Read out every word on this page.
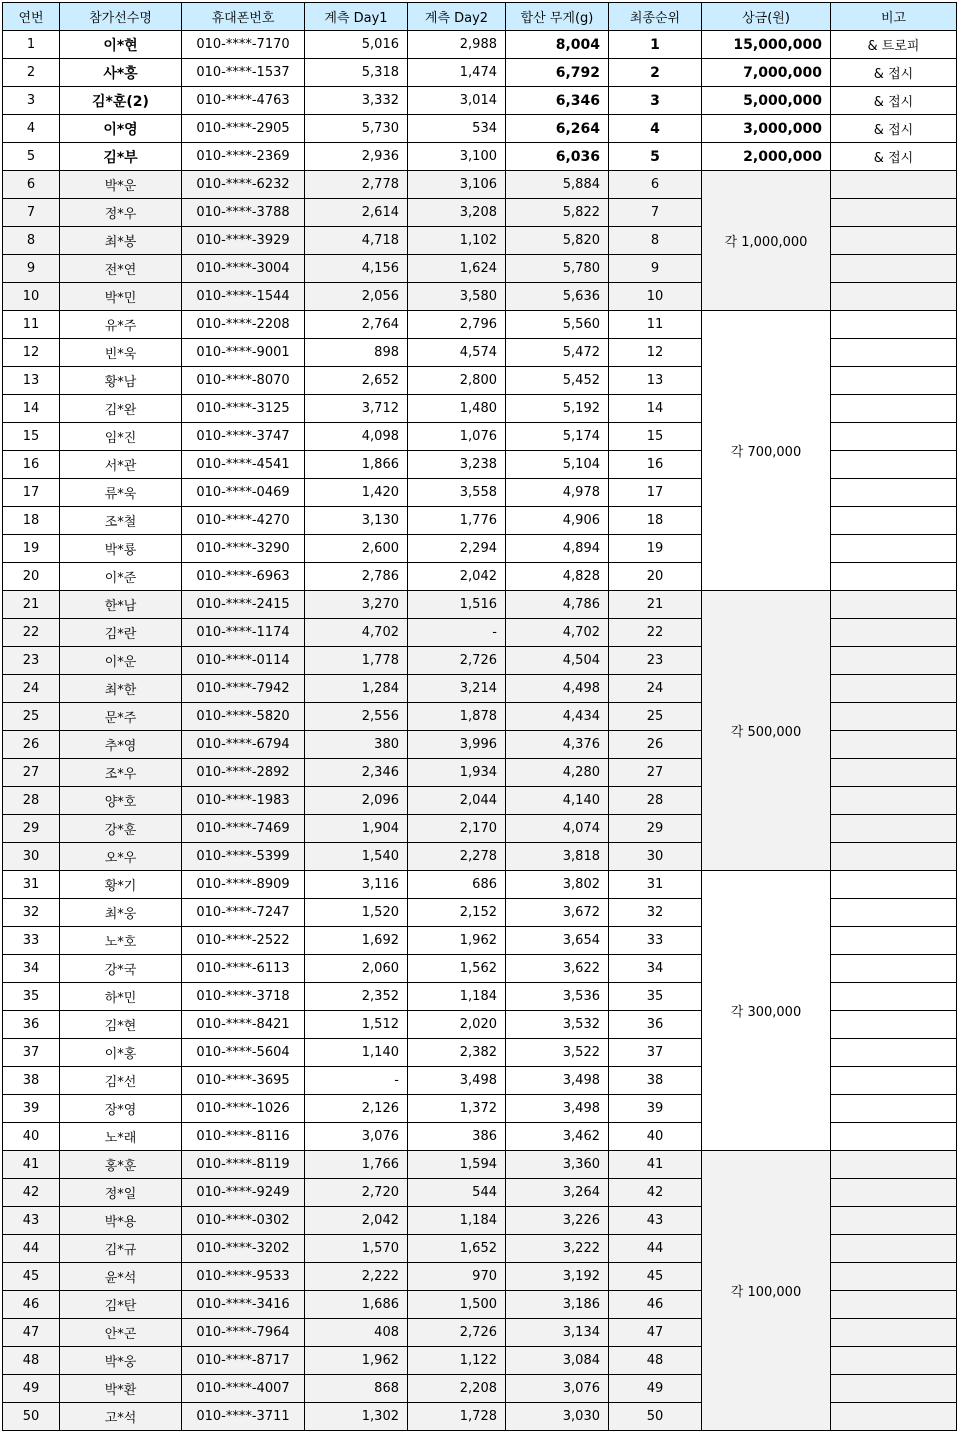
연번	참가선수명	휴대폰번호	계측 Day1	계측 Day2	합산 무게(g)	최종순위	상금(원)	비고
1	이*현	010-****-7170	5,016	2,988	8,004	1	15,000,000	& 트로피
2	사*홍	010-****-1537	5,318	1,474	6,792	2	7,000,000	& 접시
3	김*훈(2)	010-****-4763	3,332	3,014	6,346	3	5,000,000	& 접시
4	이*영	010-****-2905	5,730	534	6,264	4	3,000,000	& 접시
5	김*부	010-****-2369	2,936	3,100	6,036	5	2,000,000	& 접시
6	박*운	010-****-6232	2,778	3,106	5,884	6	각 1,000,000	
7	정*우	010-****-3788	2,614	3,208	5,822	7		
8	최*봉	010-****-3929	4,718	1,102	5,820	8		
9	전*연	010-****-3004	4,156	1,624	5,780	9		
10	박*민	010-****-1544	2,056	3,580	5,636	10		
11	유*주	010-****-2208	2,764	2,796	5,560	11	각 700,000	
12	빈*욱	010-****-9001	898	4,574	5,472	12		
13	황*남	010-****-8070	2,652	2,800	5,452	13		
14	김*완	010-****-3125	3,712	1,480	5,192	14		
15	임*진	010-****-3747	4,098	1,076	5,174	15		
16	서*관	010-****-4541	1,866	3,238	5,104	16		
17	류*욱	010-****-0469	1,420	3,558	4,978	17		
18	조*철	010-****-4270	3,130	1,776	4,906	18		
19	박*룡	010-****-3290	2,600	2,294	4,894	19		
20	이*준	010-****-6963	2,786	2,042	4,828	20		
21	한*남	010-****-2415	3,270	1,516	4,786	21	각 500,000	
22	김*란	010-****-1174	4,702	-	4,702	22		
23	이*운	010-****-0114	1,778	2,726	4,504	23		
24	최*한	010-****-7942	1,284	3,214	4,498	24		
25	문*주	010-****-5820	2,556	1,878	4,434	25		
26	추*영	010-****-6794	380	3,996	4,376	26		
27	조*우	010-****-2892	2,346	1,934	4,280	27		
28	양*호	010-****-1983	2,096	2,044	4,140	28		
29	강*훈	010-****-7469	1,904	2,170	4,074	29		
30	오*우	010-****-5399	1,540	2,278	3,818	30		
31	황*기	010-****-8909	3,116	686	3,802	31	각 300,000	
32	최*웅	010-****-7247	1,520	2,152	3,672	32		
33	노*호	010-****-2522	1,692	1,962	3,654	33		
34	강*국	010-****-6113	2,060	1,562	3,622	34		
35	하*민	010-****-3718	2,352	1,184	3,536	35		
36	김*현	010-****-8421	1,512	2,020	3,532	36		
37	이*홍	010-****-5604	1,140	2,382	3,522	37		
38	김*선	010-****-3695	-	3,498	3,498	38		
39	장*영	010-****-1026	2,126	1,372	3,498	39		
40	노*래	010-****-8116	3,076	386	3,462	40		
41	홍*훈	010-****-8119	1,766	1,594	3,360	41	각 100,000	
42	정*일	010-****-9249	2,720	544	3,264	42		
43	박*용	010-****-0302	2,042	1,184	3,226	43		
44	김*규	010-****-3202	1,570	1,652	3,222	44		
45	윤*석	010-****-9533	2,222	970	3,192	45		
46	김*탄	010-****-3416	1,686	1,500	3,186	46		
47	안*곤	010-****-7964	408	2,726	3,134	47		
48	박*웅	010-****-8717	1,962	1,122	3,084	48		
49	박*환	010-****-4007	868	2,208	3,076	49		
50	고*석	010-****-3711	1,302	1,728	3,030	50		
